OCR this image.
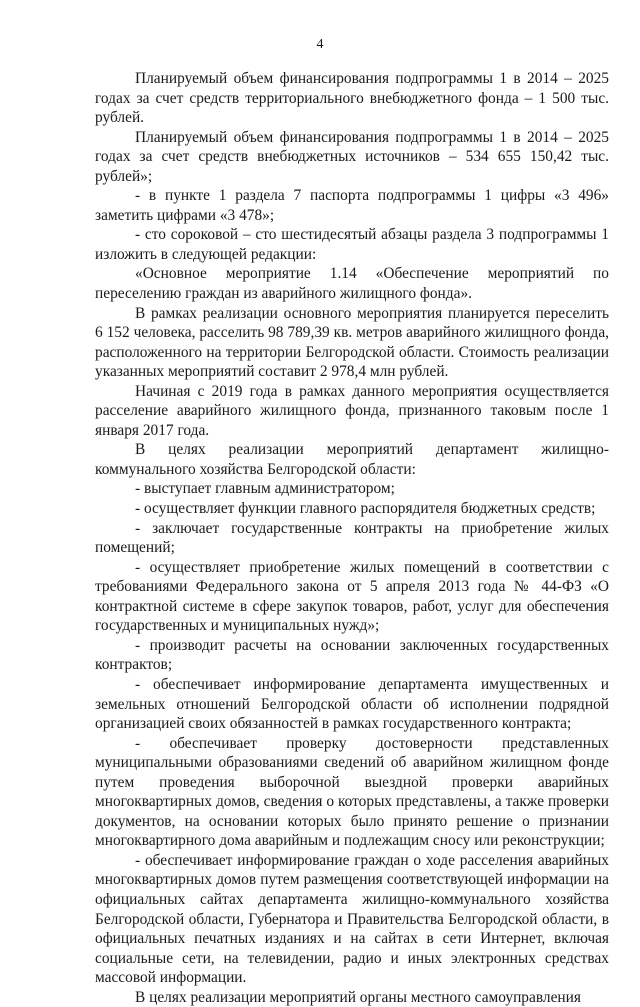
4

Планируемый объем финансирования подпрограммы 1 в 2014 – 2025 годах за счет средств территориального внебюджетного фонда – 1 500 тыс. рублей.

Планируемый объем финансирования подпрограммы 1 в 2014 – 2025 годах за счет средств внебюджетных источников – 534 655 150,42 тыс. рублей»;

- в пункте 1 раздела 7 паспорта подпрограммы 1 цифры «3 496» заметить цифрами «3 478»;

- сто сороковой – сто шестидесятый абзацы раздела 3 подпрограммы 1 изложить в следующей редакции:

«Основное мероприятие 1.14 «Обеспечение мероприятий по переселению граждан из аварийного жилищного фонда».

В рамках реализации основного мероприятия планируется переселить 6 152 человека, расселить 98 789,39 кв. метров аварийного жилищного фонда, расположенного на территории Белгородской области. Стоимость реализации указанных мероприятий составит 2 978,4 млн рублей.

Начиная с 2019 года в рамках данного мероприятия осуществляется расселение аварийного жилищного фонда, признанного таковым после 1 января 2017 года.

В целях реализации мероприятий департамент жилищно-коммунального хозяйства Белгородской области:

- выступает главным администратором;

- осуществляет функции главного распорядителя бюджетных средств;

- заключает государственные контракты на приобретение жилых помещений;

- осуществляет приобретение жилых помещений в соответствии с требованиями Федерального закона от 5 апреля 2013 года № 44-ФЗ «О контрактной системе в сфере закупок товаров, работ, услуг для обеспечения государственных и муниципальных нужд»;

- производит расчеты на основании заключенных государственных контрактов;

- обеспечивает информирование департамента имущественных и земельных отношений Белгородской области об исполнении подрядной организацией своих обязанностей в рамках государственного контракта;

- обеспечивает проверку достоверности представленных муниципальными образованиями сведений об аварийном жилищном фонде путем проведения выборочной выездной проверки аварийных многоквартирных домов, сведения о которых представлены, а также проверки документов, на основании которых было принято решение о признании многоквартирного дома аварийным и подлежащим сносу или реконструкции;

- обеспечивает информирование граждан о ходе расселения аварийных многоквартирных домов путем размещения соответствующей информации на официальных сайтах департамента жилищно-коммунального хозяйства Белгородской области, Губернатора и Правительства Белгородской области, в официальных печатных изданиях и на сайтах в сети Интернет, включая социальные сети, на телевидении, радио и иных электронных средствах массовой информации.

В целях реализации мероприятий органы местного самоуправления
